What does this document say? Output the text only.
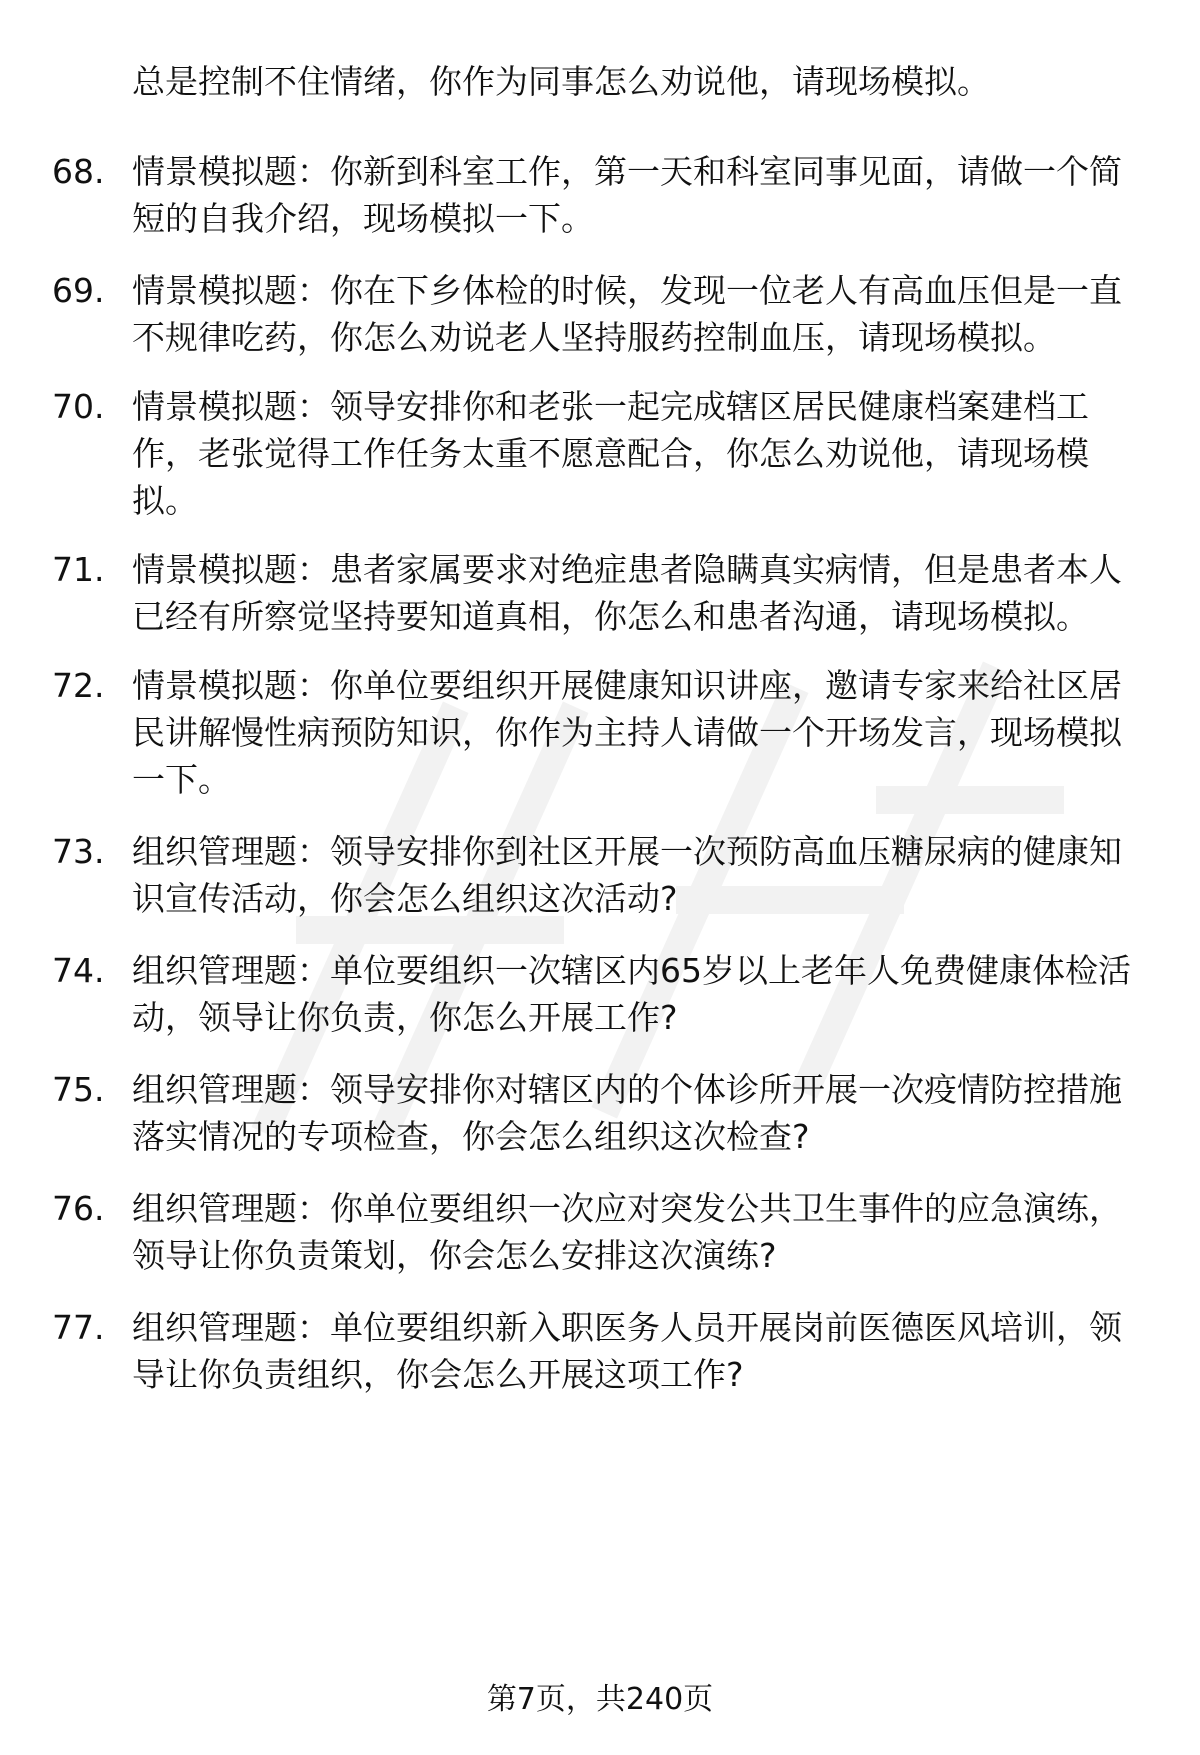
总是控制不住情绪，你作为同事怎么劝说他，请现场模拟。

68. 情景模拟题：你新到科室工作，第一天和科室同事见面，请做一个简短的自我介绍，现场模拟一下。

69. 情景模拟题：你在下乡体检的时候，发现一位老人有高血压但是一直不规律吃药，你怎么劝说老人坚持服药控制血压，请现场模拟。

70. 情景模拟题：领导安排你和老张一起完成辖区居民健康档案建档工作，老张觉得工作任务太重不愿意配合，你怎么劝说他，请现场模拟。

71. 情景模拟题：患者家属要求对绝症患者隐瞒真实病情，但是患者本人已经有所察觉坚持要知道真相，你怎么和患者沟通，请现场模拟。

72. 情景模拟题：你单位要组织开展健康知识讲座，邀请专家来给社区居民讲解慢性病预防知识，你作为主持人请做一个开场发言，现场模拟一下。

73. 组织管理题：领导安排你到社区开展一次预防高血压糖尿病的健康知识宣传活动，你会怎么组织这次活动?

74. 组织管理题：单位要组织一次辖区内65岁以上老年人免费健康体检活动，领导让你负责，你怎么开展工作?

75. 组织管理题：领导安排你对辖区内的个体诊所开展一次疫情防控措施落实情况的专项检查，你会怎么组织这次检查?

76. 组织管理题：你单位要组织一次应对突发公共卫生事件的应急演练，领导让你负责策划，你会怎么安排这次演练?

77. 组织管理题：单位要组织新入职医务人员开展岗前医德医风培训，领导让你负责组织，你会怎么开展这项工作?

第7页，共240页
